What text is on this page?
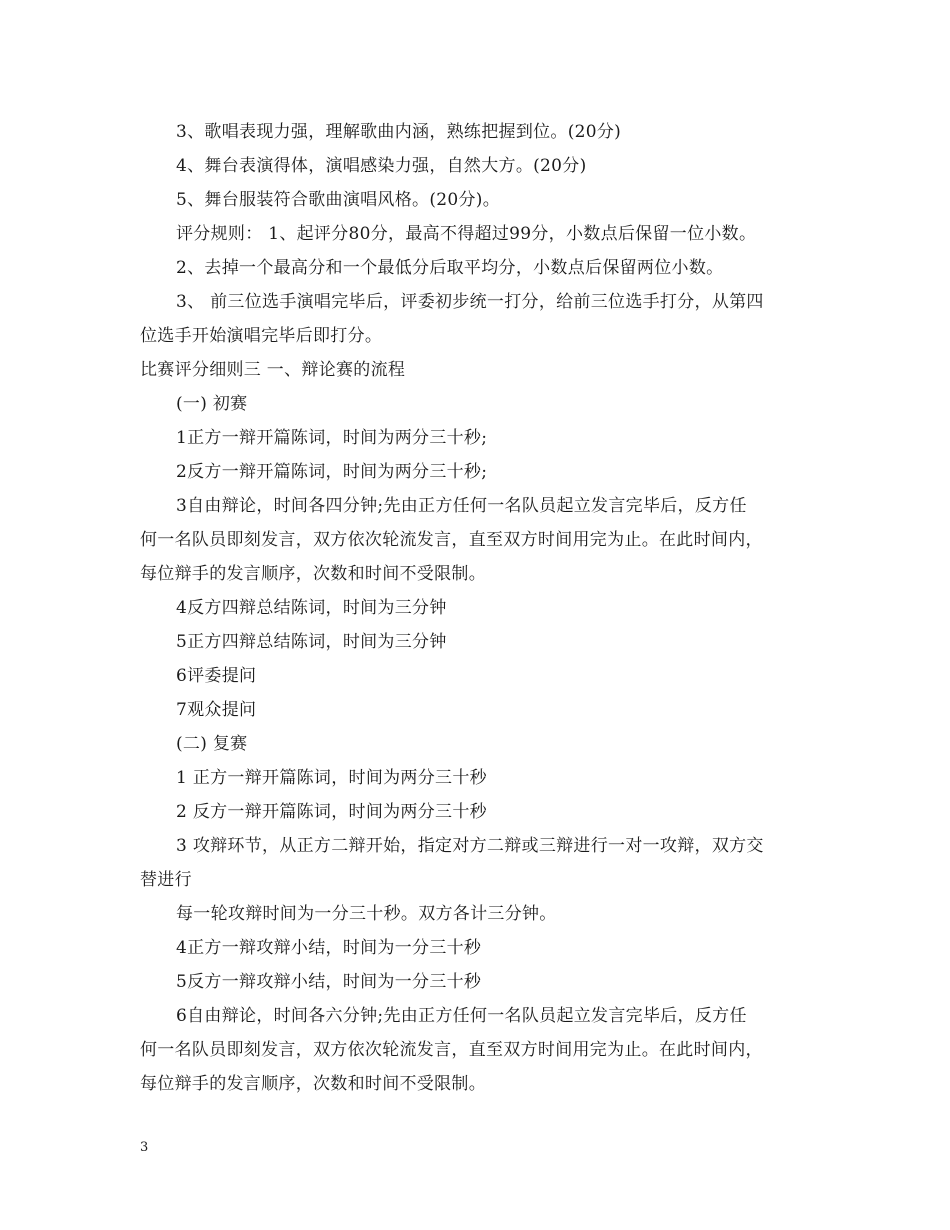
3、歌唱表现力强，理解歌曲内涵，熟练把握到位。(20分)
4、舞台表演得体，演唱感染力强，自然大方。(20分)
5、舞台服装符合歌曲演唱风格。(20分)。
评分规则： 1、起评分80分，最高不得超过99分，小数点后保留一位小数。
2、去掉一个最高分和一个最低分后取平均分，小数点后保留两位小数。
3、 前三位选手演唱完毕后，评委初步统一打分，给前三位选手打分，从第四
位选手开始演唱完毕后即打分。
比赛评分细则三 一、辩论赛的流程
(一) 初赛
1正方一辩开篇陈词，时间为两分三十秒;
2反方一辩开篇陈词，时间为两分三十秒;
3自由辩论，时间各四分钟;先由正方任何一名队员起立发言完毕后，反方任
何一名队员即刻发言，双方依次轮流发言，直至双方时间用完为止。在此时间内，
每位辩手的发言顺序，次数和时间不受限制。
4反方四辩总结陈词，时间为三分钟
5正方四辩总结陈词，时间为三分钟
6评委提问
7观众提问
(二) 复赛
1 正方一辩开篇陈词，时间为两分三十秒
2 反方一辩开篇陈词，时间为两分三十秒
3 攻辩环节，从正方二辩开始，指定对方二辩或三辩进行一对一攻辩，双方交
替进行
每一轮攻辩时间为一分三十秒。双方各计三分钟。
4正方一辩攻辩小结，时间为一分三十秒
5反方一辩攻辩小结，时间为一分三十秒
6自由辩论，时间各六分钟;先由正方任何一名队员起立发言完毕后，反方任
何一名队员即刻发言，双方依次轮流发言，直至双方时间用完为止。在此时间内，
每位辩手的发言顺序，次数和时间不受限制。
3
